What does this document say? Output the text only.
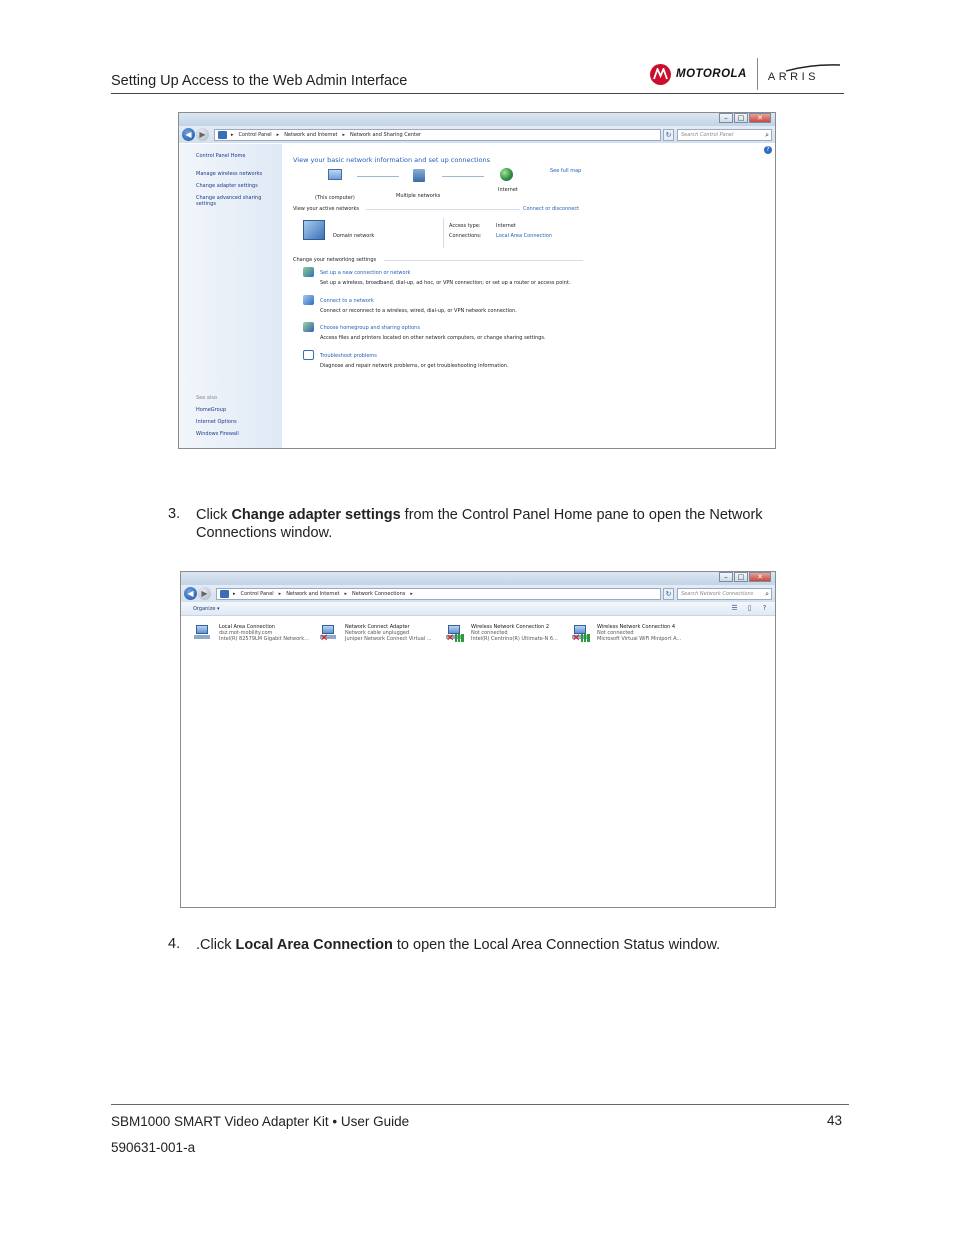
Setting Up Access to the Web Admin Interface	MOTOROLA ARRIS
–	□	✕
◀ ▶	▸ Control Panel ▸ Network and Internet ▸ Network and Sharing Center	↻	Search Control Panel	⌕
Control Panel Home
Manage wireless networks
Change adapter settings
Change advanced sharing settings
See also
HomeGroup
Internet Options
Windows Firewall
?
View your basic network information and set up connections
See full map
(This computer)	Multiple networks
Internet
View your active networks	Connect or disconnect
Domain network
Access type:	Internet
Connections:	Local Area Connection
Change your networking settings
Set up a new connection or network
Set up a wireless, broadband, dial-up, ad hoc, or VPN connection; or set up a router or access point.
Connect to a network
Connect or reconnect to a wireless, wired, dial-up, or VPN network connection.
Choose homegroup and sharing options
Access files and printers located on other network computers, or change sharing settings.
Troubleshoot problems
Diagnose and repair network problems, or get troubleshooting information.
3. Click Change adapter settings from the Control Panel Home pane to open the Network
Connections window.
–	□	✕
◀ ▶	▸ Control Panel ▸ Network and Internet ▸ Network Connections ▸	↻	Search Network Connections ⌕
Organize ▾	☰	▯	?
Local Area Connection
dsz.mot-mobility.com
Intel(R) 82579LM Gigabit Network... ✕
Network Connect Adapter
Network cable unplugged
Juniper Network Connect Virtual ... ✕
Wireless Network Connection 2
Not connected
Intel(R) Centrino(R) Ultimate-N 6... ✕
Wireless Network Connection 4
Not connected
Microsoft Virtual WiFi Miniport A...
4. .Click Local Area Connection to open the Local Area Connection Status window.
SBM1000 SMART Video Adapter Kit • User Guide	43
590631-001-a
